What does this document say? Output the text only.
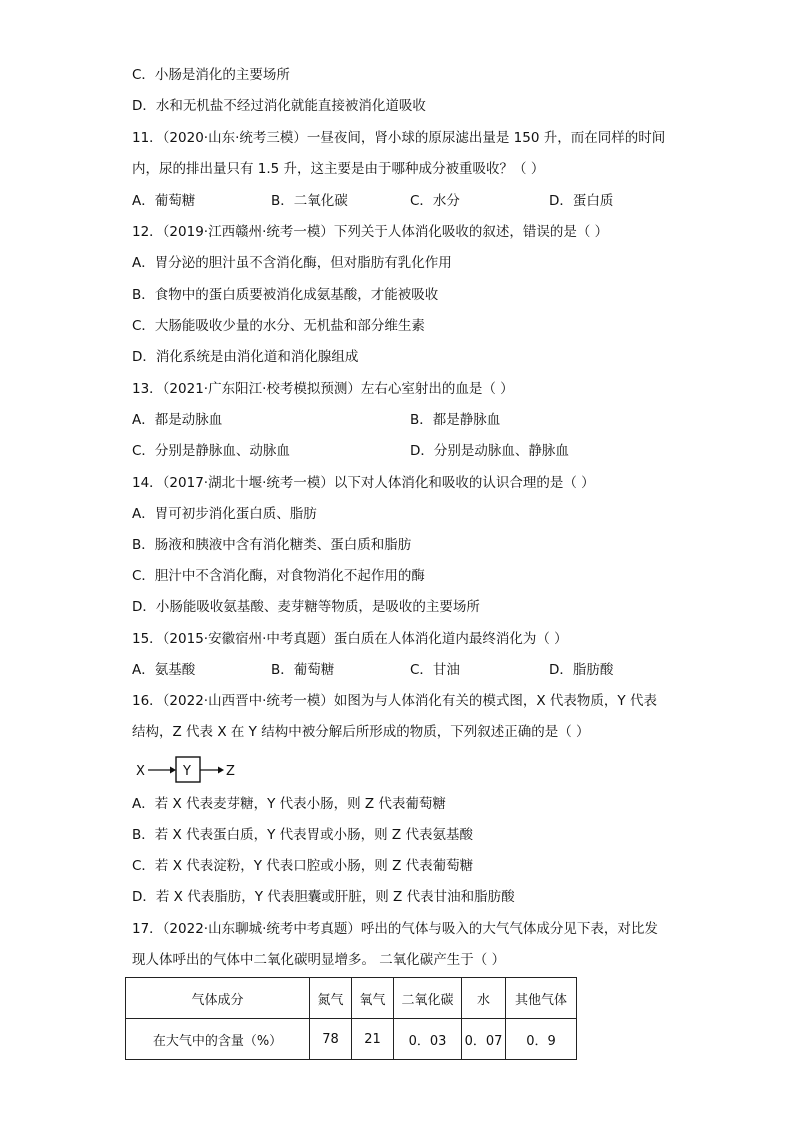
C．小肠是消化的主要场所
D．水和无机盐不经过消化就能直接被消化道吸收
11．（2020·山东·统考三模）一昼夜间，肾小球的原尿滤出量是 150 升，而在同样的时间
内，尿的排出量只有 1.5 升，这主要是由于哪种成分被重吸收？（ ）
A．葡萄糖	B．二氧化碳	C．水分	D．蛋白质
12．（2019·江西赣州·统考一模）下列关于人体消化吸收的叙述，错误的是（ ）
A．胃分泌的胆汁虽不含消化酶，但对脂肪有乳化作用
B．食物中的蛋白质要被消化成氨基酸，才能被吸收
C．大肠能吸收少量的水分、无机盐和部分维生素
D．消化系统是由消化道和消化腺组成
13．（2021·广东阳江·校考模拟预测）左右心室射出的血是（ ）
A．都是动脉血	B．都是静脉血
C．分别是静脉血、动脉血	D．分别是动脉血、静脉血
14．（2017·湖北十堰·统考一模）以下对人体消化和吸收的认识合理的是（ ）
A．胃可初步消化蛋白质、脂肪
B．肠液和胰液中含有消化糖类、蛋白质和脂肪
C．胆汁中不含消化酶，对食物消化不起作用的酶
D．小肠能吸收氨基酸、麦芽糖等物质，是吸收的主要场所
15．（2015·安徽宿州·中考真题）蛋白质在人体消化道内最终消化为（ ）
A．氨基酸	B．葡萄糖	C．甘油	D．脂肪酸
16．（2022·山西晋中·统考一模）如图为与人体消化有关的模式图，X 代表物质，Y 代表
结构，Z 代表 X 在 Y 结构中被分解后所形成的物质，下列叙述正确的是（ ）
X	Y	Z
A．若 X 代表麦芽糖，Y 代表小肠，则 Z 代表葡萄糖
B．若 X 代表蛋白质，Y 代表胃或小肠，则 Z 代表氨基酸
C．若 X 代表淀粉，Y 代表口腔或小肠，则 Z 代表葡萄糖
D．若 X 代表脂肪，Y 代表胆囊或肝脏，则 Z 代表甘油和脂肪酸
17．（2022·山东聊城·统考中考真题）呼出的气体与吸入的大气气体成分见下表，对比发
现人体呼出的气体中二氧化碳明显增多。 二氧化碳产生于（ ）
气体成分	氮气	氧气	二氧化碳	水	其他气体
在大气中的含量（%）	78	21	0．03	0．07	0．9
